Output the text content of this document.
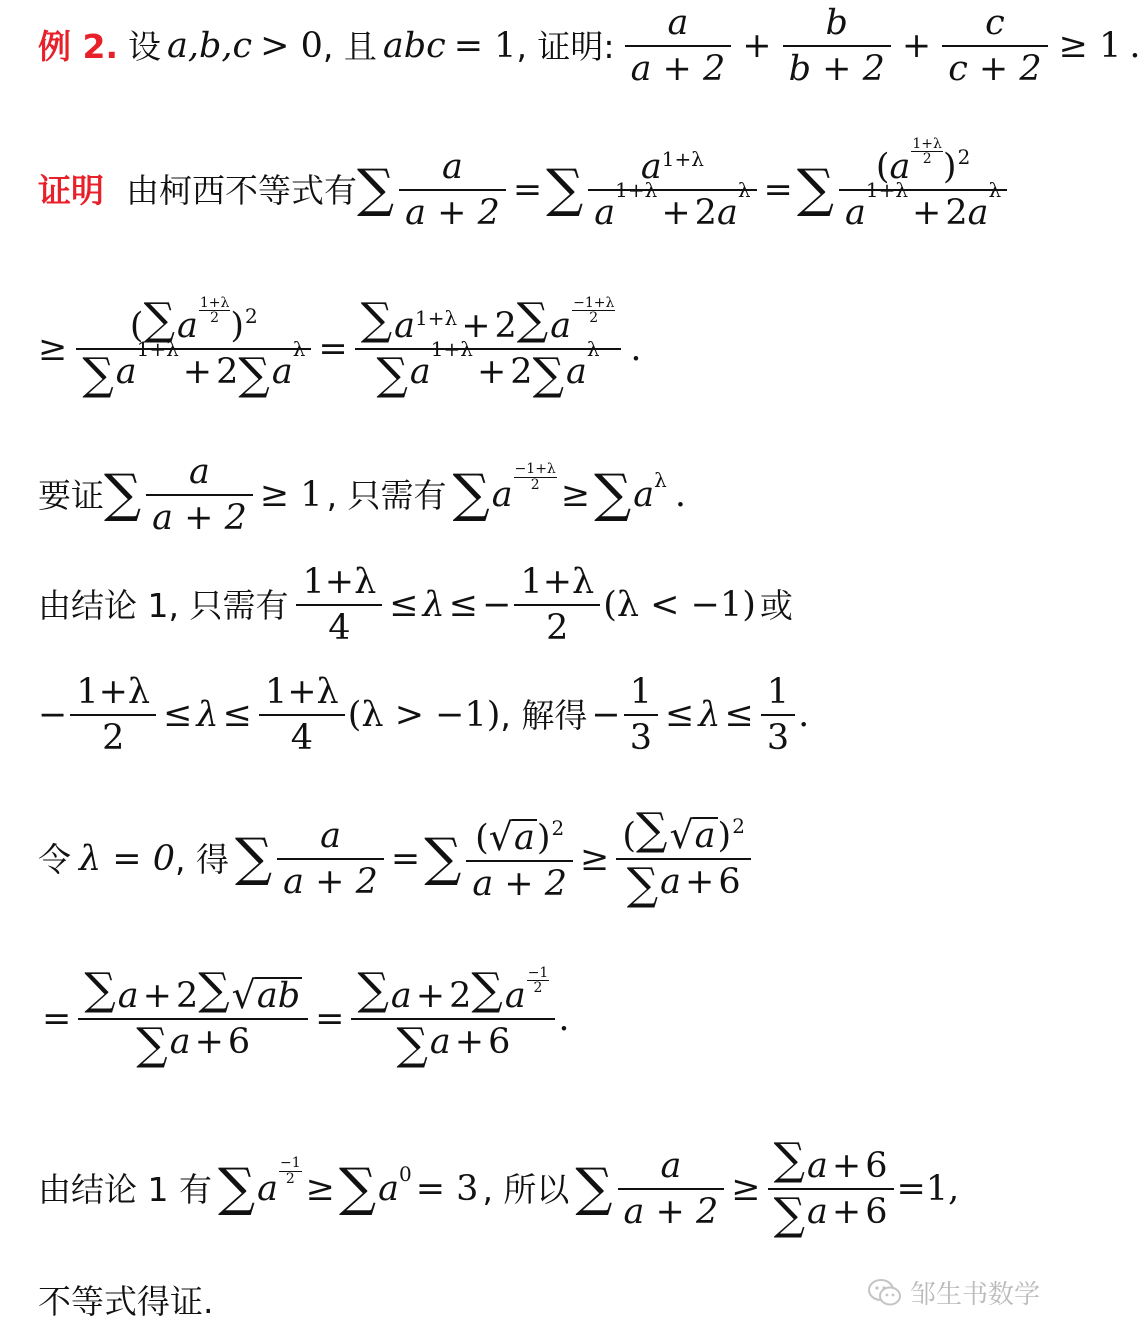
例 2. 设 a,b,c > 0 , 且 abc = 1 , 证明: $\frac{a}{a + 2} + \frac{b}{b + 2} + \frac{c}{c + 2} \ge 1$ .
证明 由柯西不等式有 ∑ $\frac{a}{a + 2}$ = ∑ a 1+λ
a
1+λ
+ 2 a
λ = ∑ ( a
1+λ
2 ) 2
a
1+λ
+ 2 a
λ
≥ ( ∑ a
1+λ
2 ) 2
∑ a
1+λ
+ 2 ∑ a
λ = ∑ a 1+λ + 2 ∑ a
−1+λ
2
∑ a
1+λ
+ 2 ∑ a
λ .
要证 ∑ $\frac{a}{a + 2} \ge 1$ , 只需有 ∑ a $\frac{-1+\lambda}{2}$ ≥ ∑ a λ .
由结论 1, 只需有 $\frac{1+\lambda}{4} \le \lambda$ ≤ − $\frac{1+\lambda}{2} (\lambda < -1)$ 或
− $\frac{1+\lambda}{2} \le \lambda \le \frac{1+\lambda}{4} (\lambda > -1)$ , 解得 − $\frac{1}{3} \le \lambda \le \frac{1}{3}$ .
令 λ = 0 , 得 ∑ $\frac{a}{a + 2}$ = ∑ $\frac{( √ a ) 2}{a + 2} \ge \frac{( \sum √ a ) 2}{\sum a + 6}$
= $\frac{\sum a + 2 \sum √ ab}{\sum a + 6}$ = ∑ a + 2 ∑ a
−1
2
∑ a + 6 .
由结论 1 有 ∑ a $\frac{-1}{2}$ ≥ ∑ a 0 = 3 , 所以 ∑ $\frac{a}{a + 2} \ge \frac{\sum a + 6}{\sum a + 6} =1$,
不等式得证.	邹生书数学
